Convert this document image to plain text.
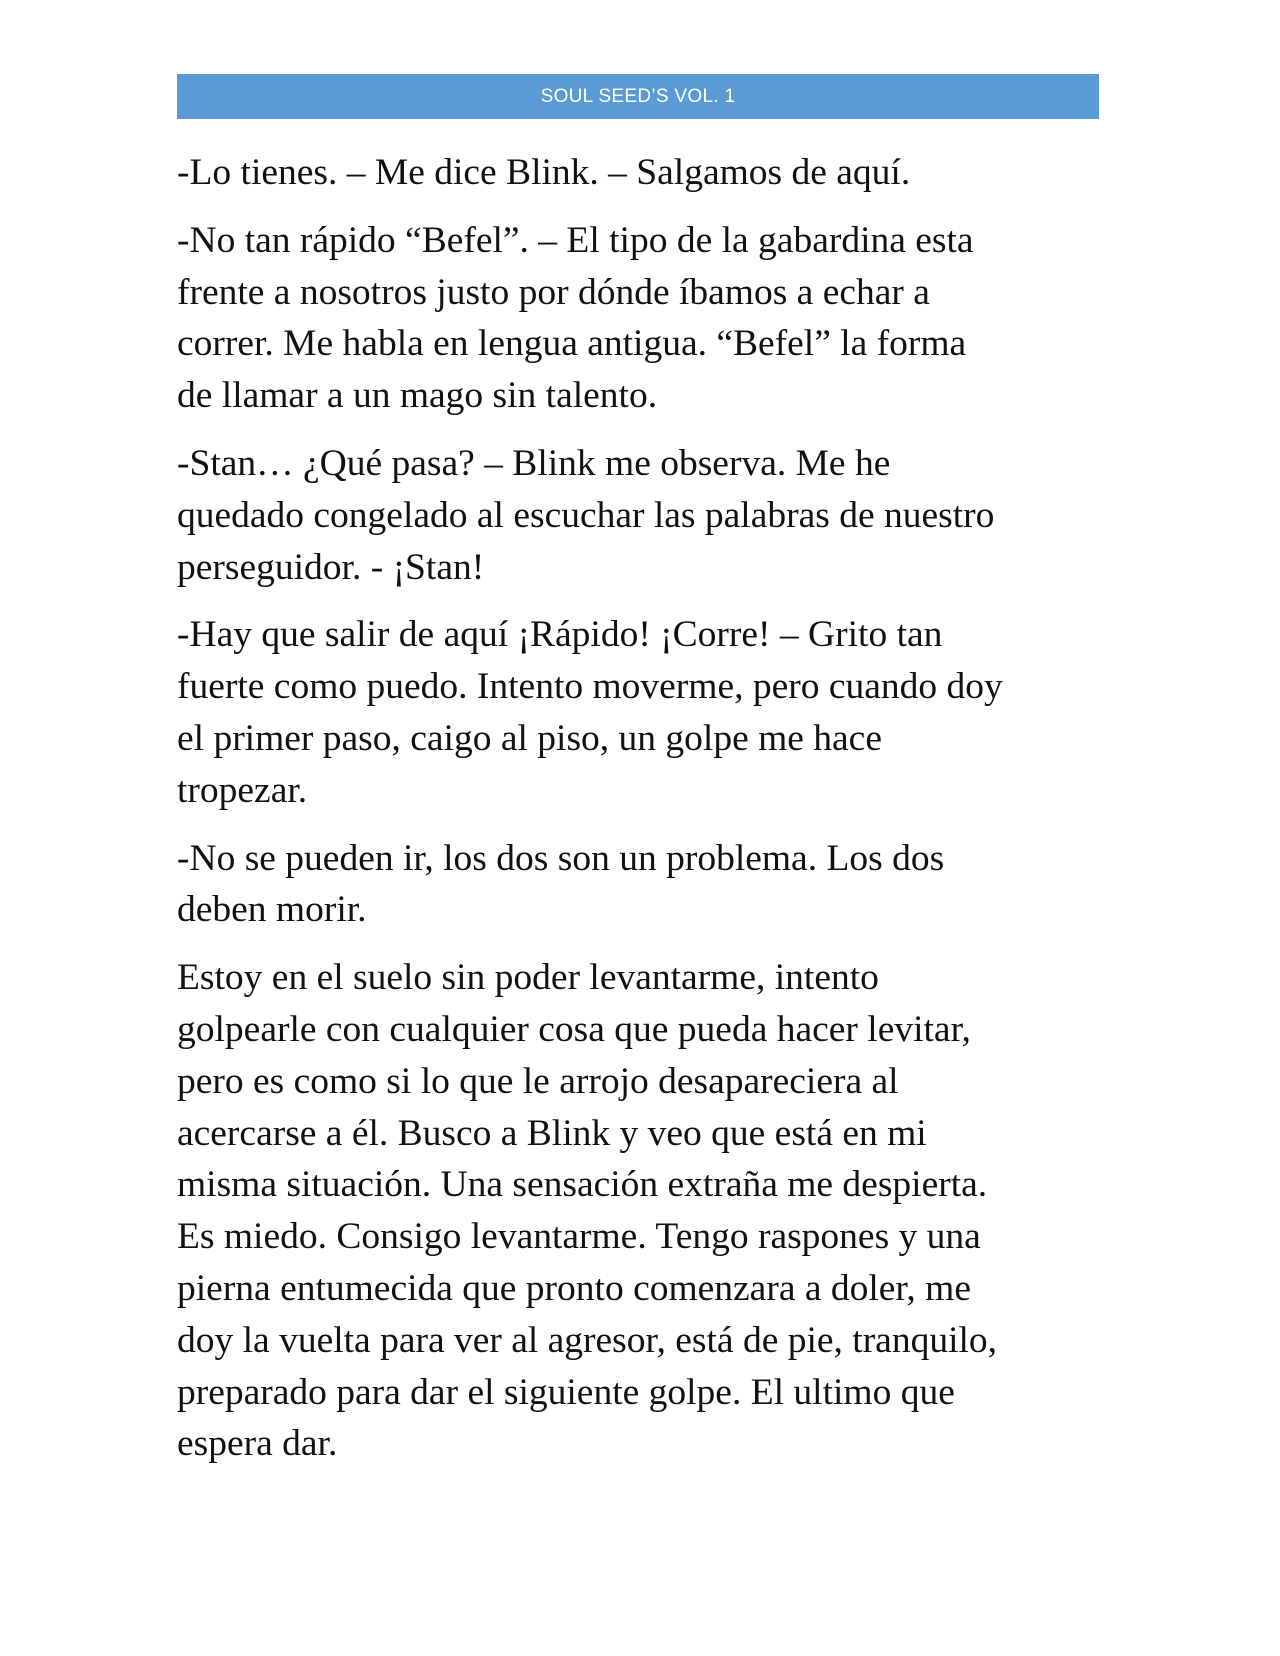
SOUL SEED’S VOL. 1

-Lo tienes. – Me dice Blink. – Salgamos de aquí.

-No tan rápido “Befel”. – El tipo de la gabardina esta
frente a nosotros justo por dónde íbamos a echar a
correr. Me habla en lengua antigua. “Befel” la forma
de llamar a un mago sin talento.

-Stan… ¿Qué pasa? – Blink me observa. Me he
quedado congelado al escuchar las palabras de nuestro
perseguidor. - ¡Stan!

-Hay que salir de aquí ¡Rápido! ¡Corre! – Grito tan
fuerte como puedo. Intento moverme, pero cuando doy
el primer paso, caigo al piso, un golpe me hace
tropezar.

-No se pueden ir, los dos son un problema. Los dos
deben morir.

Estoy en el suelo sin poder levantarme, intento
golpearle con cualquier cosa que pueda hacer levitar,
pero es como si lo que le arrojo desapareciera al
acercarse a él. Busco a Blink y veo que está en mi
misma situación. Una sensación extraña me despierta.
Es miedo. Consigo levantarme. Tengo raspones y una
pierna entumecida que pronto comenzara a doler, me
doy la vuelta para ver al agresor, está de pie, tranquilo,
preparado para dar el siguiente golpe. El ultimo que
espera dar.
